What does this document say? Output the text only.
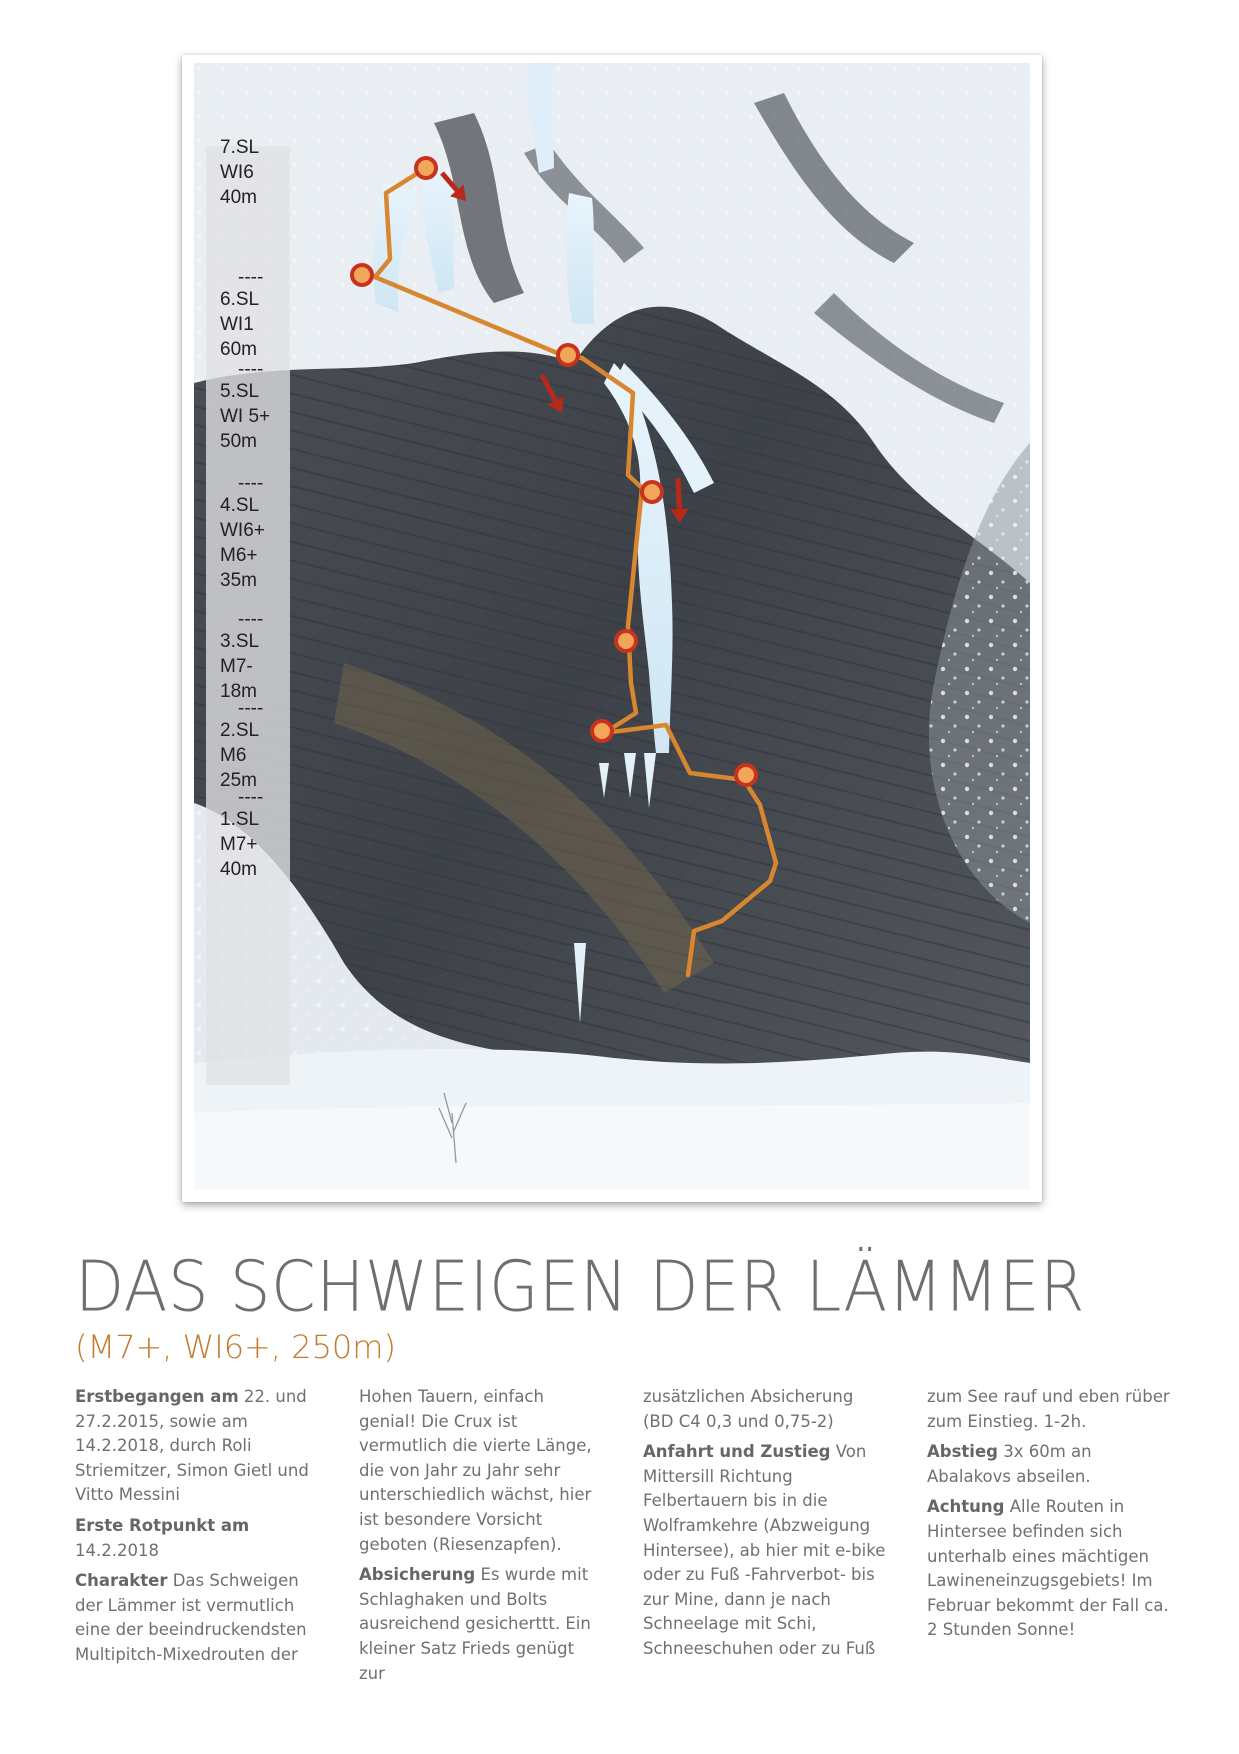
7.SL
WI6
40m
----
6.SL
WI1
60m
----
5.SL
WI 5+
50m
----
4.SL
WI6+
M6+
35m
----
3.SL
M7-
18m
----
2.SL
M6
25m
----
1.SL
M7+
40m
DAS SCHWEIGEN DER LÄMMER
(M7+, WI6+, 250m)

Erstbegangen am 22. und 27.2.2015, sowie am 14.2.2018, durch Roli Striemitzer, Simon Gietl und Vitto Messini

Erste Rotpunkt am 14.2.2018

Charakter Das Schweigen der Lämmer ist vermutlich eine der beeindruckendsten Multipitch-Mixedrouten der

Hohen Tauern, einfach genial! Die Crux ist vermutlich die vierte Länge, die von Jahr zu Jahr sehr unterschiedlich wächst, hier ist besondere Vorsicht geboten (Riesenzapfen).

Absicherung Es wurde mit Schlaghaken und Bolts ausreichend gesicherttt. Ein kleiner Satz Frieds genügt zur

zusätzlichen Absicherung (BD C4 0,3 und 0,75-2)

Anfahrt und Zustieg Von Mittersill Richtung Felbertauern bis in die Wolframkehre (Abzweigung Hintersee), ab hier mit e-bike oder zu Fuß -Fahrverbot- bis zur Mine, dann je nach Schneelage mit Schi, Schneeschuhen oder zu Fuß

zum See rauf und eben rüber zum Einstieg. 1-2h.

Abstieg 3x 60m an Abalakovs abseilen.

Achtung Alle Routen in Hintersee befinden sich unterhalb eines mächtigen Lawineneinzugsgebiets! Im Februar bekommt der Fall ca. 2 Stunden Sonne!
